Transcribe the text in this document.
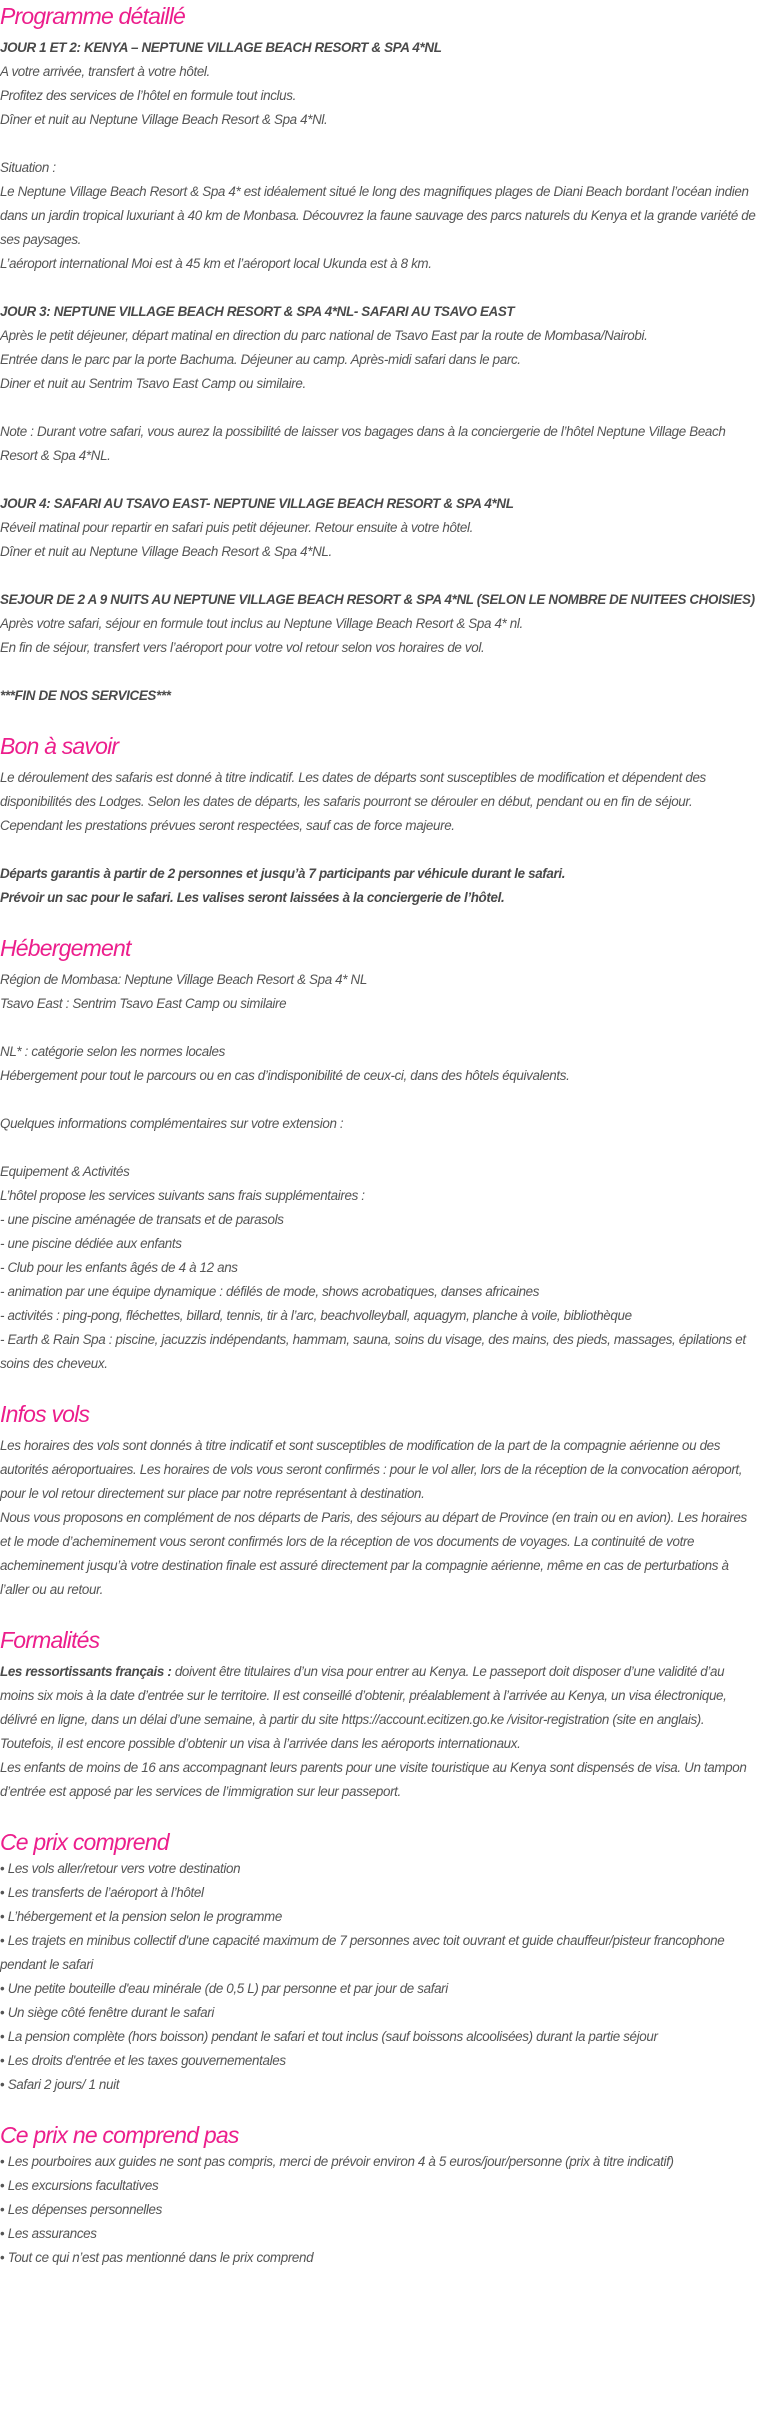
Programme détaillé

JOUR 1 ET 2: KENYA – NEPTUNE VILLAGE BEACH RESORT & SPA 4*NL

A votre arrivée, transfert à votre hôtel.

Profitez des services de l’hôtel en formule tout inclus.

Dîner et nuit au Neptune Village Beach Resort & Spa 4*Nl.

Situation :

Le Neptune Village Beach Resort & Spa 4* est idéalement situé le long des magnifiques plages de Diani Beach bordant l’océan indien dans un jardin tropical luxuriant à 40 km de Monbasa. Découvrez la faune sauvage des parcs naturels du Kenya et la grande variété de ses paysages.

L’aéroport international Moi est à 45 km et l’aéroport local Ukunda est à 8 km.

JOUR 3: NEPTUNE VILLAGE BEACH RESORT & SPA 4*NL- SAFARI AU TSAVO EAST

Après le petit déjeuner, départ matinal en direction du parc national de Tsavo East par la route de Mombasa/Nairobi.

Entrée dans le parc par la porte Bachuma. Déjeuner au camp. Après-midi safari dans le parc.

Diner et nuit au Sentrim Tsavo East Camp ou similaire.

Note : Durant votre safari, vous aurez la possibilité de laisser vos bagages dans à la conciergerie de l’hôtel Neptune Village Beach Resort & Spa 4*NL.

JOUR 4: SAFARI AU TSAVO EAST- NEPTUNE VILLAGE BEACH RESORT & SPA 4*NL

Réveil matinal pour repartir en safari puis petit déjeuner. Retour ensuite à votre hôtel.

Dîner et nuit au Neptune Village Beach Resort & Spa 4*NL.

SEJOUR DE 2 A 9 NUITS AU NEPTUNE VILLAGE BEACH RESORT & SPA 4*NL (SELON LE NOMBRE DE NUITEES CHOISIES)

Après votre safari, séjour en formule tout inclus au Neptune Village Beach Resort & Spa 4* nl.

En fin de séjour, transfert vers l’aéroport pour votre vol retour selon vos horaires de vol.

***FIN DE NOS SERVICES***

Bon à savoir

Le déroulement des safaris est donné à titre indicatif. Les dates de départs sont susceptibles de modification et dépendent des disponibilités des Lodges. Selon les dates de départs, les safaris pourront se dérouler en début, pendant ou en fin de séjour. Cependant les prestations prévues seront respectées, sauf cas de force majeure.

Départs garantis à partir de 2 personnes et jusqu’à 7 participants par véhicule durant le safari.

Prévoir un sac pour le safari. Les valises seront laissées à la conciergerie de l’hôtel.

Hébergement

Région de Mombasa: Neptune Village Beach Resort & Spa 4* NL

Tsavo East : Sentrim Tsavo East Camp ou similaire

NL* : catégorie selon les normes locales

Hébergement pour tout le parcours ou en cas d’indisponibilité de ceux-ci, dans des hôtels équivalents.

Quelques informations complémentaires sur votre extension :

Equipement & Activités

L’hôtel propose les services suivants sans frais supplémentaires :

- une piscine aménagée de transats et de parasols

- une piscine dédiée aux enfants

- Club pour les enfants âgés de 4 à 12 ans

- animation par une équipe dynamique : défilés de mode, shows acrobatiques, danses africaines

- activités : ping-pong, fléchettes, billard, tennis, tir à l’arc, beachvolleyball, aquagym, planche à voile, bibliothèque

- Earth & Rain Spa : piscine, jacuzzis indépendants, hammam, sauna, soins du visage, des mains, des pieds, massages, épilations et soins des cheveux.

Infos vols

Les horaires des vols sont donnés à titre indicatif et sont susceptibles de modification de la part de la compagnie aérienne ou des autorités aéroportuaires. Les horaires de vols vous seront confirmés : pour le vol aller, lors de la réception de la convocation aéroport, pour le vol retour directement sur place par notre représentant à destination.

Nous vous proposons en complément de nos départs de Paris, des séjours au départ de Province (en train ou en avion). Les horaires et le mode d’acheminement vous seront confirmés lors de la réception de vos documents de voyages. La continuité de votre acheminement jusqu’à votre destination finale est assuré directement par la compagnie aérienne, même en cas de perturbations à l’aller ou au retour.

Formalités

Les ressortissants français : doivent être titulaires d’un visa pour entrer au Kenya. Le passeport doit disposer d’une validité d’au moins six mois à la date d’entrée sur le territoire. Il est conseillé d’obtenir, préalablement à l’arrivée au Kenya, un visa électronique, délivré en ligne, dans un délai d’une semaine, à partir du site https://account.ecitizen.go.ke /visitor-registration (site en anglais). Toutefois, il est encore possible d’obtenir un visa à l’arrivée dans les aéroports internationaux.

Les enfants de moins de 16 ans accompagnant leurs parents pour une visite touristique au Kenya sont dispensés de visa. Un tampon d’entrée est apposé par les services de l’immigration sur leur passeport.

Ce prix comprend
• Les vols aller/retour vers votre destination
• Les transferts de l’aéroport à l’hôtel
• L’hébergement et la pension selon le programme
• Les trajets en minibus collectif d'une capacité maximum de 7 personnes avec toit ouvrant et guide chauffeur/pisteur francophone pendant le safari
• Une petite bouteille d'eau minérale (de 0,5 L) par personne et par jour de safari
• Un siège côté fenêtre durant le safari
• La pension complète (hors boisson) pendant le safari et tout inclus (sauf boissons alcoolisées) durant la partie séjour
• Les droits d'entrée et les taxes gouvernementales
• Safari 2 jours/ 1 nuit
Ce prix ne comprend pas
• Les pourboires aux guides ne sont pas compris, merci de prévoir environ 4 à 5 euros/jour/personne (prix à titre indicatif)
• Les excursions facultatives
• Les dépenses personnelles
• Les assurances
• Tout ce qui n’est pas mentionné dans le prix comprend
